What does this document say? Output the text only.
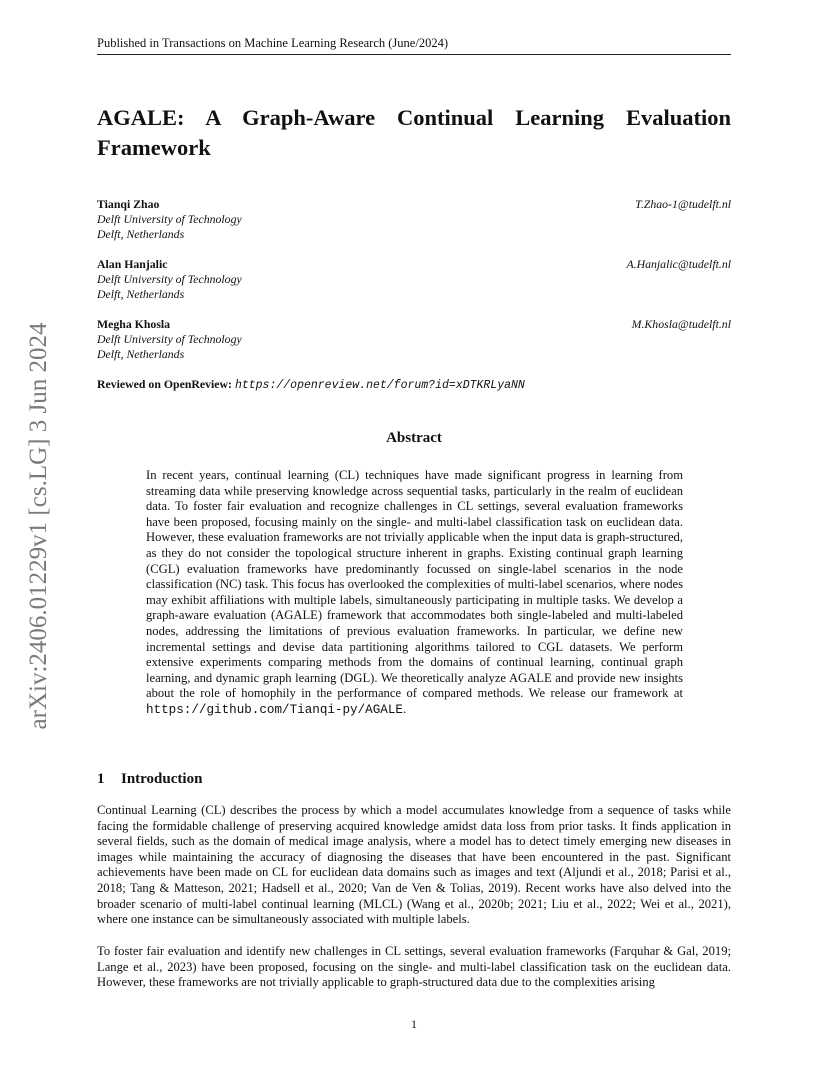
Published in Transactions on Machine Learning Research (June/2024)
AGALE: A Graph-Aware Continual Learning Evaluation Framework
Tianqi Zhao	T.Zhao-1@tudelft.nl
Delft University of Technology
Delft, Netherlands
Alan Hanjalic	A.Hanjalic@tudelft.nl
Delft University of Technology
Delft, Netherlands
Megha Khosla	M.Khosla@tudelft.nl
Delft University of Technology
Delft, Netherlands
Reviewed on OpenReview: https://openreview.net/forum?id=xDTKRLyaNN
Abstract

In recent years, continual learning (CL) techniques have made significant progress in learning from streaming data while preserving knowledge across sequential tasks, particularly in the realm of euclidean data. To foster fair evaluation and recognize challenges in CL settings, several evaluation frameworks have been proposed, focusing mainly on the single- and multi-label classification task on euclidean data. However, these evaluation frameworks are not trivially applicable when the input data is graph-structured, as they do not consider the topological structure inherent in graphs. Existing continual graph learning (CGL) evaluation frameworks have predominantly focussed on single-label scenarios in the node classification (NC) task. This focus has overlooked the complexities of multi-label scenarios, where nodes may exhibit affiliations with multiple labels, simultaneously participating in multiple tasks. We develop a graph-aware evaluation (AGALE) framework that accommodates both single-labeled and multi-labeled nodes, addressing the limitations of previous evaluation frameworks. In particular, we define new incremental settings and devise data partitioning algorithms tailored to CGL datasets. We perform extensive experiments comparing methods from the domains of continual learning, continual graph learning, and dynamic graph learning (DGL). We theoretically analyze AGALE and provide new insights about the role of homophily in the performance of compared methods. We release our framework at https://github.com/Tianqi-py/AGALE.

1 Introduction

Continual Learning (CL) describes the process by which a model accumulates knowledge from a sequence of tasks while facing the formidable challenge of preserving acquired knowledge amidst data loss from prior tasks. It finds application in several fields, such as the domain of medical image analysis, where a model has to detect timely emerging new diseases in images while maintaining the accuracy of diagnosing the diseases that have been encountered in the past. Significant achievements have been made on CL for euclidean data domains such as images and text (Aljundi et al., 2018; Parisi et al., 2018; Tang & Matteson, 2021; Hadsell et al., 2020; Van de Ven & Tolias, 2019). Recent works have also delved into the broader scenario of multi-label continual learning (MLCL) (Wang et al., 2020b; 2021; Liu et al., 2022; Wei et al., 2021), where one instance can be simultaneously associated with multiple labels.

To foster fair evaluation and identify new challenges in CL settings, several evaluation frameworks (Farquhar & Gal, 2019; Lange et al., 2023) have been proposed, focusing on the single- and multi-label classification task on the euclidean data. However, these frameworks are not trivially applicable to graph-structured data due to the complexities arising

1
arXiv:2406.01229v1 [cs.LG] 3 Jun 2024
